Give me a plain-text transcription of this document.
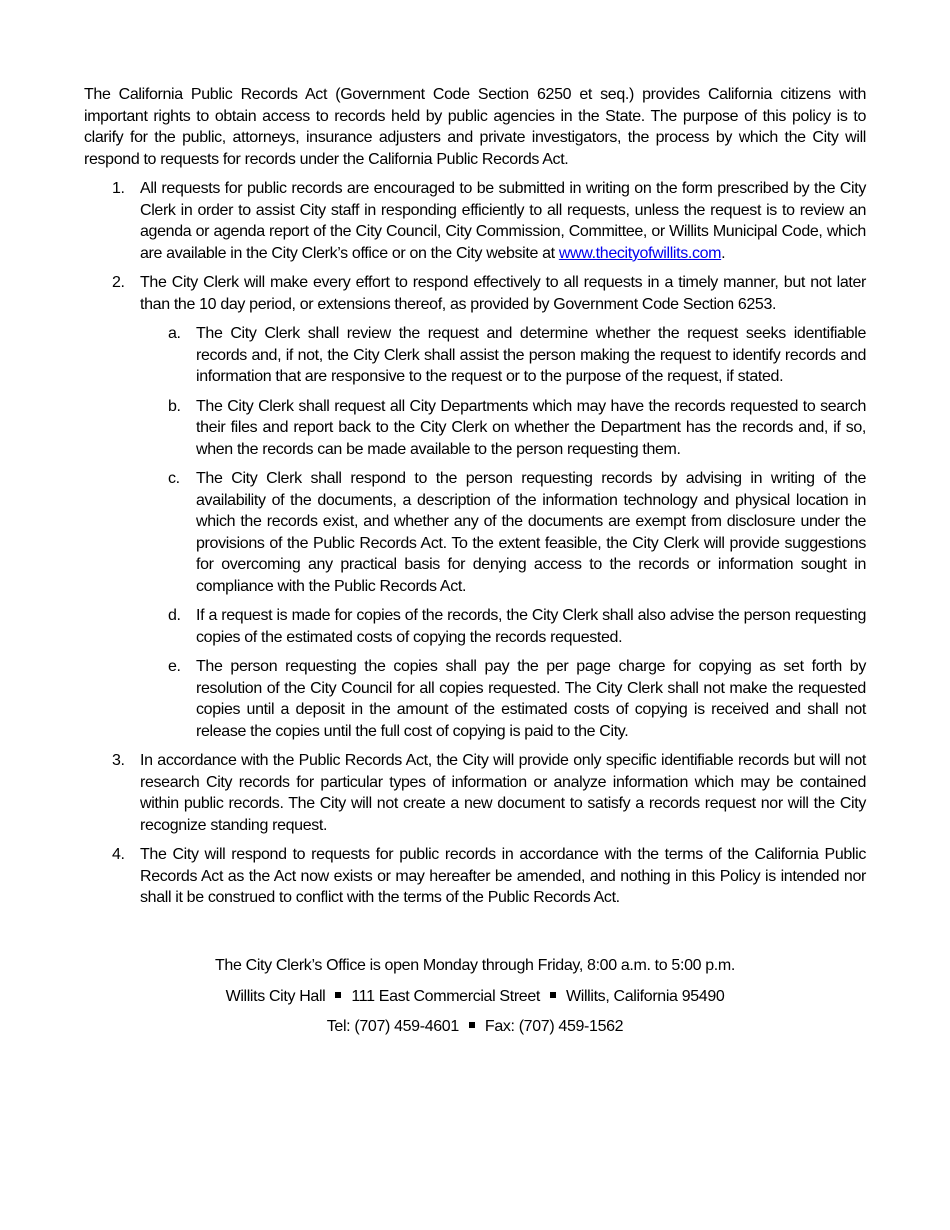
The California Public Records Act (Government Code Section 6250 et seq.) provides California citizens with important rights to obtain access to records held by public agencies in the State. The purpose of this policy is to clarify for the public, attorneys, insurance adjusters and private investigators, the process by which the City will respond to requests for records under the California Public Records Act.

1. All requests for public records are encouraged to be submitted in writing on the form prescribed by the City Clerk in order to assist City staff in responding efficiently to all requests, unless the request is to review an agenda or agenda report of the City Council, City Commission, Committee, or Willits Municipal Code, which are available in the City Clerk’s office or on the City website at www.thecityofwillits.com.

2. The City Clerk will make every effort to respond effectively to all requests in a timely manner, but not later than the 10 day period, or extensions thereof, as provided by Government Code Section 6253.

a. The City Clerk shall review the request and determine whether the request seeks identifiable records and, if not, the City Clerk shall assist the person making the request to identify records and information that are responsive to the request or to the purpose of the request, if stated.
b. The City Clerk shall request all City Departments which may have the records requested to search their files and report back to the City Clerk on whether the Department has the records and, if so, when the records can be made available to the person requesting them.
c. The City Clerk shall respond to the person requesting records by advising in writing of the availability of the documents, a description of the information technology and physical location in which the records exist, and whether any of the documents are exempt from disclosure under the provisions of the Public Records Act. To the extent feasible, the City Clerk will provide suggestions for overcoming any practical basis for denying access to the records or information sought in compliance with the Public Records Act.
d. If a request is made for copies of the records, the City Clerk shall also advise the person requesting copies of the estimated costs of copying the records requested.
e. The person requesting the copies shall pay the per page charge for copying as set forth by resolution of the City Council for all copies requested. The City Clerk shall not make the requested copies until a deposit in the amount of the estimated costs of copying is received and shall not release the copies until the full cost of copying is paid to the City.
3. In accordance with the Public Records Act, the City will provide only specific identifiable records but will not research City records for particular types of information or analyze information which may be contained within public records. The City will not create a new document to satisfy a records request nor will the City recognize standing request.

4. The City will respond to requests for public records in accordance with the terms of the California Public Records Act as the Act now exists or may hereafter be amended, and nothing in this Policy is intended nor shall it be construed to conflict with the terms of the Public Records Act.

The City Clerk’s Office is open Monday through Friday, 8:00 a.m. to 5:00 p.m.

Willits City Hall 111 East Commercial Street Willits, California 95490

Tel: (707) 459-4601 Fax: (707) 459-1562
